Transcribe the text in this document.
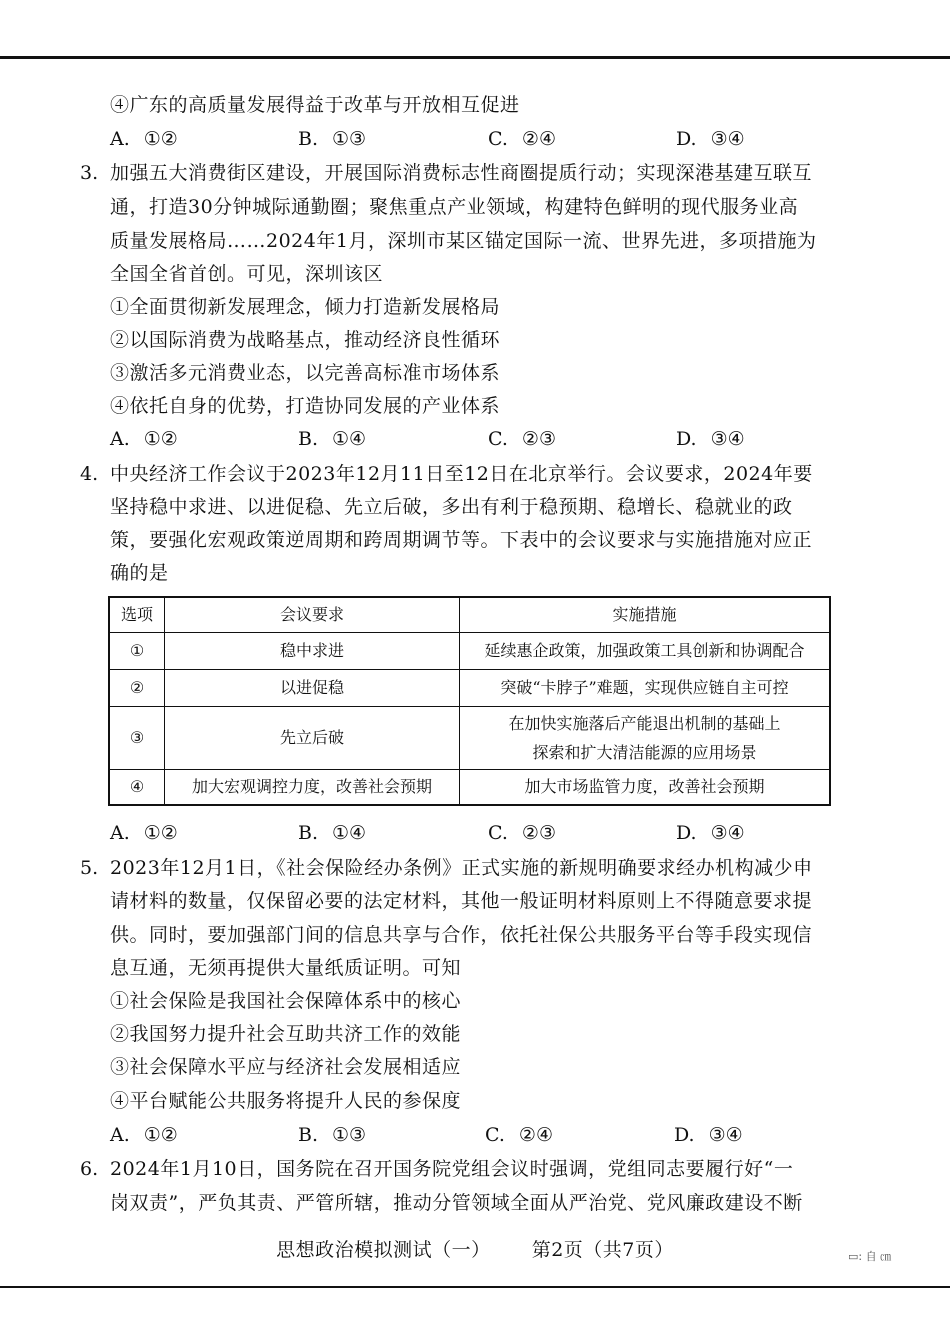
④广东的高质量发展得益于改革与开放相互促进
A. ①②	B. ①③	C. ②④	D. ③④
3. 加强五大消费街区建设，开展国际消费标志性商圈提质行动；实现深港基建互联互
通，打造30分钟城际通勤圈；聚焦重点产业领域，构建特色鲜明的现代服务业高
质量发展格局……2024年1月，深圳市某区锚定国际一流、世界先进，多项措施为
全国全省首创。可见，深圳该区
①全面贯彻新发展理念，倾力打造新发展格局
②以国际消费为战略基点，推动经济良性循环
③激活多元消费业态，以完善高标准市场体系
④依托自身的优势，打造协同发展的产业体系
A. ①②	B. ①④	C. ②③	D. ③④
4. 中央经济工作会议于2023年12月11日至12日在北京举行。会议要求，2024年要
坚持稳中求进、以进促稳、先立后破，多出有利于稳预期、稳增长、稳就业的政
策，要强化宏观政策逆周期和跨周期调节等。下表中的会议要求与实施措施对应正
确的是
选项	会议要求	实施措施
①	稳中求进	延续惠企政策，加强政策工具创新和协调配合
②	以进促稳	突破“卡脖子”难题，实现供应链自主可控
③	先立后破	在加快实施落后产能退出机制的基础上
探索和扩大清洁能源的应用场景

④	加大宏观调控力度，改善社会预期	加大市场监管力度，改善社会预期
A. ①②	B. ①④	C. ②③	D. ③④
5. 2023年12月1日，《社会保险经办条例》正式实施的新规明确要求经办机构减少申
请材料的数量，仅保留必要的法定材料，其他一般证明材料原则上不得随意要求提
供。同时，要加强部门间的信息共享与合作，依托社保公共服务平台等手段实现信
息互通，无须再提供大量纸质证明。可知
①社会保险是我国社会保障体系中的核心
②我国努力提升社会互助共济工作的效能
③社会保障水平应与经济社会发展相适应
④平台赋能公共服务将提升人民的参保度
A. ①②	B. ①③	C. ②④	D. ③④
6. 2024年1月10日，国务院在召开国务院党组会议时强调，党组同志要履行好“一
岗双责”，严负其责、严管所辖，推动分管领域全面从严治党、党风廉政建设不断
思想政治模拟测试（一） 第2页（共7页）	▭: 自 ㎝
